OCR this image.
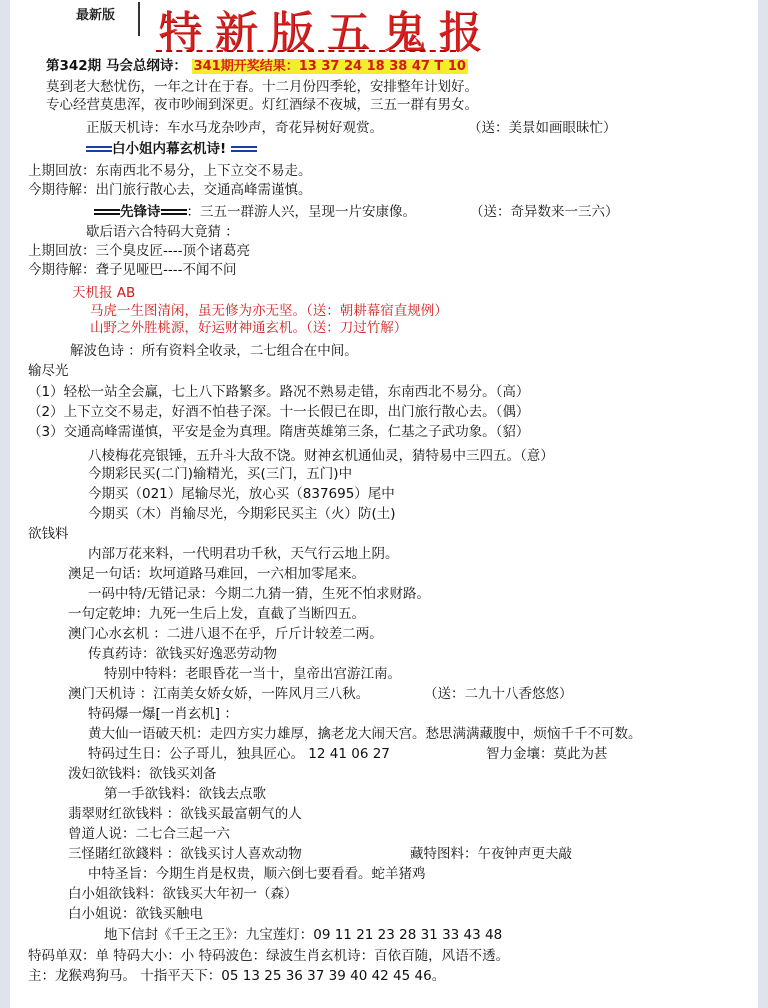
最新版 特新版五鬼报
第342期 马会总纲诗： 341期开奖结果：13 37 24 18 38 47 T 10
莫到老大愁忧伤，一年之计在于春。十二月份四季轮，安排整年计划好。
专心经营莫患浑，夜市吵闹到深更。灯红酒绿不夜城，三五一群有男女。
正版天机诗：车水马龙杂吵声，奇花异树好观赏。	（送：美景如画眼昧忙）
白小姐内幕玄机诗!
上期回放：东南西北不易分，上下立交不易走。
今期待解：出门旅行散心去，交通高峰需谨慎。
先锋诗 ：三五一群游人兴，呈现一片安康像。	（送：奇异数来一三六）
歇后语六合特码大竟猜 ：
上期回放：三个臭皮匠----顶个诸葛亮
今期待解：聋子见哑巴----不闻不问
天机报 AB
马虎一生图清闲，虽无修为亦无坚。（送：朝耕幕宿直规例）
山野之外胜桃源，好运财神通玄机。（送：刀过竹解）
解波色诗 ：所有资料全收录，二七组合在中间。
输尽光
（1）轻松一站全会赢，七上八下路繁多。路况不熟易走错，东南西北不易分。（高）
（2）上下立交不易走，好酒不怕巷子深。十一长假已在即，出门旅行散心去。（偶）
（3）交通高峰需谨慎，平安是金为真理。隋唐英雄第三条，仁基之子武功象。（貂）
八棱梅花亮银锤，五升斗大敌不饶。财神玄机通仙灵，猜特易中三四五。（意）
今期彩民买(二门)输精光，买(三门，五门)中
今期买（021）尾输尽光，放心买（837695）尾中
今期买（木）肖输尽光，今期彩民买主（火）防(土)
欲钱料
内部万花来料，一代明君功千秋，天气行云地上阴。
澳足一句话：坎坷道路马难回，一六相加零尾来。
一码中特/无错记录：今期二九猜一猜，生死不怕求财路。
一句定乾坤：九死一生后上发，直截了当断四五。
澳门心水玄机 ：二进八退不在乎，斤斤计较差二两。
传真药诗：欲钱买好逸恶劳动物
特别中特料：老眼昏花一当十，皇帝出宫游江南。
澳门天机诗 ：江南美女娇女娇，一阵风月三八秋。	（送：二九十八香悠悠）
特码爆一爆[一肖玄机] ：
黄大仙一语破天机：走四方实力雄厚，擒老龙大闹天宫。愁思满满藏腹中，烦恼千千不可数。
特码过生日：公子哥儿，独具匠心。 12 41 06 27	智力金壤：莫此为甚
泼妇欲钱料：欲钱买刘备
第一手欲钱料：欲钱去点歌
翡翠财红欲钱料 ：欲钱买最富朝气的人
曾道人说：二七合三起一六
三怪賭红欲錢料 ：欲钱买讨人喜欢动物	藏特图料：午夜钟声更夫敲
中特圣旨：今期生肖是权贵，顺六倒七要看看。蛇羊猪鸡
白小姐欲钱料：欲钱买大年初一（森）
白小姐说：欲钱买触电
地下信封《千王之王》：九宝莲灯：09 11 21 23 28 31 33 43 48
特码单双：单 特码大小：小 特码波色：绿波生肖玄机诗：百依百随，风语不透。
主：龙猴鸡狗马。 十指平天下：05 13 25 36 37 39 40 42 45 46。
